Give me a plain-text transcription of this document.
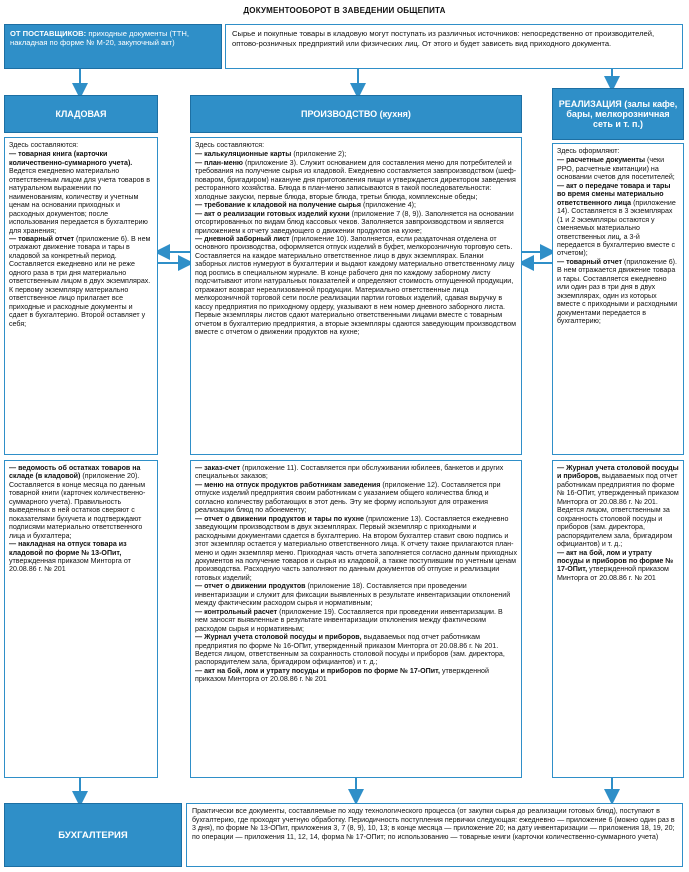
ДОКУМЕНТООБОРОТ В ЗАВЕДЕНИИ ОБЩЕПИТА
ОТ ПОСТАВЩИКОВ: приходные документы (ТТН, накладная по форме № М-20, закупочный акт)
Сырье и покупные товары в кладовую могут поступать из различных источников: непосредственно от производителей, оптово-розничных предприятий или физических лиц. От этого и будет зависеть вид приходного документа.
КЛАДОВАЯ	ПРОИЗВОДСТВО (кухня)
РЕАЛИЗАЦИЯ (залы кафе, бары, мелкорозничная сеть и т. п.)

Здесь составляются:

— товарная книга (карточки количественно-суммарного учета). Ведется ежедневно материально ответственным лицом для учета товаров в натуральном выражении по наименованиям, количеству и учетным ценам на основании приходных и расходных документов; после использования передается в бухгалтерию для хранения;

— товарный отчет (приложение 6). В нем отражают движение товара и тары в кладовой за конкретный период. Составляется ежедневно или не реже одного раза в три дня материально ответственным лицом в двух экземплярах. К первому экземпляру материально ответственное лицо прилагает все приходные и расходные документы и сдает в бухгалтерию. Второй оставляет у себя;

— ведомость об остатках товаров на складе (в кладовой) (приложение 20). Составляется в конце месяца по данным товарной книги (карточек количественно-суммарного учета). Правильность выведенных в ней остатков сверяют с показателями бухучета и подтверждают подписями материально ответственного лица и бухгалтера;

— накладная на отпуск товара из кладовой по форме № 13-ОПит, утвержденная приказом Минторга от 20.08.86 г. № 201

Здесь составляются:

— калькуляционные карты (приложение 2);

— план-меню (приложение 3). Служит основанием для составления меню для потребителей и требования на получение сырья из кладовой. Ежедневно составляется завпроизводством (шеф-поваром, бригадиром) накануне дня приготовления пищи и утверждается директором заведения ресторанного хозяйства. Блюда в план-меню записываются в такой последовательности: холодные закуски, первые блюда, вторые блюда, третьи блюда, комплексные обеды;

— требование к кладовой на получение сырья (приложение 4);

— акт о реализации готовых изделий кухни (приложение 7 (8, 9)). Заполняется на основании отсортированных по видам блюд кассовых чеков. Заполняется завпроизводством и является приложением к отчету заведующего о движении продуктов на кухне;

— дневной заборный лист (приложение 10). Заполняется, если раздаточная отделена от основного производства, оформляется отпуск изделий в буфет, мелкорозничную торговую сеть. Составляется на каждое материально ответственное лицо в двух экземплярах. Бланки заборных листов нумеруют в бухгалтерии и выдают каждому материально ответственному лицу под роспись в специальном журнале. В конце рабочего дня по каждому заборному листу подсчитывают итоги натуральных показателей и определяют стоимость отпущенной продукции, отражают возврат нереализованной продукции. Материально ответственные лица мелкорозничной торговой сети после реализации партии готовых изделий, сдавая выручку в кассу предприятия по приходному ордеру, указывают в нем номер дневного заборного листа. Первые экземпляры листов сдают материально ответственными лицами вместе с товарным отчетом в бухгалтерию предприятия, а вторые экземпляры сдаются заведующим производством вместе с отчетом о движении продуктов на кухне;

— заказ-счет (приложение 11). Составляется при обслуживании юбилеев, банкетов и других специальных заказов;

— меню на отпуск продуктов работникам заведения (приложение 12). Составляется при отпуске изделий предприятия своим работникам с указанием общего количества блюд и согласно количеству работающих в этот день. Эту же форму используют для отражения реализации блюд по абонементу;

— отчет о движении продуктов и тары по кухне (приложение 13). Составляется ежедневно заведующим производством в двух экземплярах. Первый экземпляр с приходными и расходными документами сдается в бухгалтерию. На втором бухгалтер ставит свою подпись и этот экземпляр остается у материально ответственного лица. К отчету также прилагаются план-меню и один экземпляр меню. Приходная часть отчета заполняется согласно данным приходных документов на получение товаров и сырья из кладовой, а также поступившим по учетным ценам производства. Расходную часть заполняют по данным документов об отпуске и реализации готовых изделий;

— отчет о движении продуктов (приложение 18). Составляется при проведении инвентаризации и служит для фиксации выявленных в результате инвентаризации отклонений между фактическим расходом сырья и нормативным;

— контрольный расчет (приложение 19). Составляется при проведении инвентаризации. В нем заносят выявленные в результате инвентаризации отклонения между фактическим расходом сырья и нормативным;

— Журнал учета столовой посуды и приборов, выдаваемых под отчет работникам предприятия по форме № 16-ОПит, утвержденный приказом Минторга от 20.08.86 г. № 201. Ведется лицом, ответственным за сохранность столовой посуды и приборов (зам. директора, распорядителем зала, бригадиром официантов) и т. д.;

— акт на бой, лом и утрату посуды и приборов по форме № 17-ОПит, утвержденной приказом Минторга от 20.08.86 г. № 201

Здесь оформляют:

— расчетные документы (чеки РРО, расчетные квитанции) на основании счетов для посетителей;

— акт о передаче товара и тары во время смены материально ответственного лица (приложение 14). Составляется в 3 экземплярах (1 и 2 экземпляры остаются у сменяемых материально ответственных лиц, а 3-й передается в бухгалтерию вместе с отчетом);

— товарный отчет (приложение 6). В нем отражается движение товара и тары. Составляется ежедневно или один раз в три дня в двух экземплярах, один из которых вместе с приходными и расходными документами передается в бухгалтерию;

— Журнал учета столовой посуды и приборов, выдаваемых под отчет работникам предприятия по форме № 16-ОПит, утвержденный приказом Минторга от 20.08.86 г. № 201. Ведется лицом, ответственным за сохранность столовой посуды и приборов (зам. директора, распорядителем зала, бригадиром официантов) и т. д.;

— акт на бой, лом и утрату посуды и приборов по форме № 17-ОПит, утвержденной приказом Минторга от 20.08.86 г. № 201

БУХГАЛТЕРИЯ
Практически все документы, составляемые по ходу технологического процесса (от закупки сырья до реализации готовых блюд), поступают в бухгалтерию, где проходят учетную обработку. Периодичность поступления первички следующая: ежедневно — приложение 6 (можно один раз в 3 дня), по форме № 13-ОПит, приложения 3, 7 (8, 9), 10, 13; в конце месяца — приложение 20; на дату инвентаризации — приложения 18, 19, 20; по операции — приложения 11, 12, 14, форма № 17-ОПит; по использованию — товарные книги (карточки количественно-суммарного учета)
